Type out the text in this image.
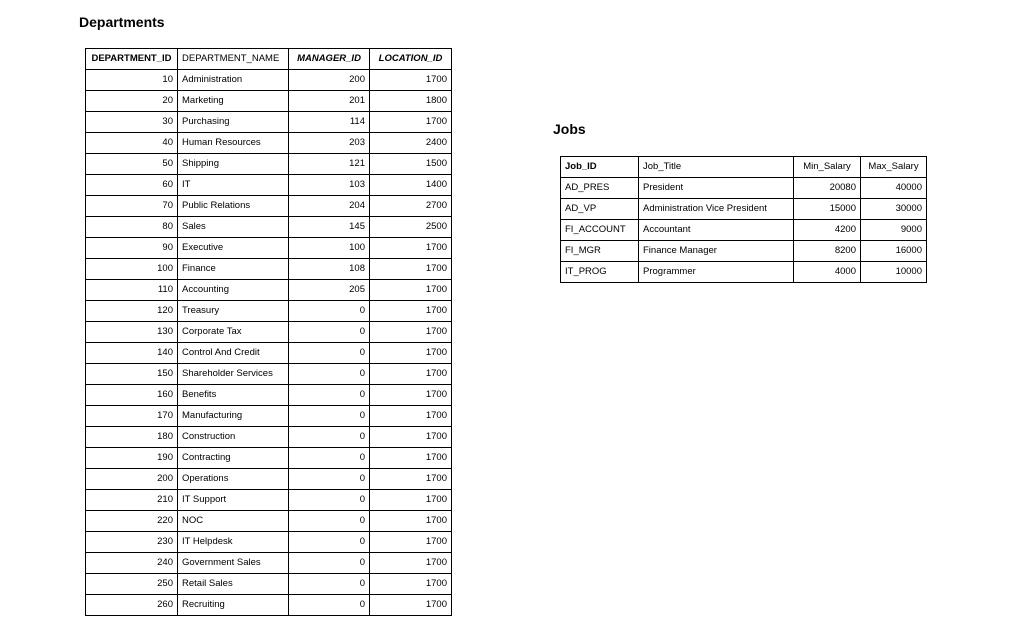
Departments
DEPARTMENT_ID	DEPARTMENT_NAME	MANAGER_ID	LOCATION_ID
10	Administration	200	1700
20	Marketing	201	1800
30	Purchasing	114	1700
40	Human Resources	203	2400
50	Shipping	121	1500
60	IT	103	1400
70	Public Relations	204	2700
80	Sales	145	2500
90	Executive	100	1700
100	Finance	108	1700
110	Accounting	205	1700
120	Treasury	0	1700
130	Corporate Tax	0	1700
140	Control And Credit	0	1700
150	Shareholder Services	0	1700
160	Benefits	0	1700
170	Manufacturing	0	1700
180	Construction	0	1700
190	Contracting	0	1700
200	Operations	0	1700
210	IT Support	0	1700
220	NOC	0	1700
230	IT Helpdesk	0	1700
240	Government Sales	0	1700
250	Retail Sales	0	1700
260	Recruiting	0	1700
Jobs
Job_ID	Job_Title	Min_Salary	Max_Salary
AD_PRES	President	20080	40000
AD_VP	Administration Vice President	15000	30000
FI_ACCOUNT	Accountant	4200	9000
FI_MGR	Finance Manager	8200	16000
IT_PROG	Programmer	4000	10000
